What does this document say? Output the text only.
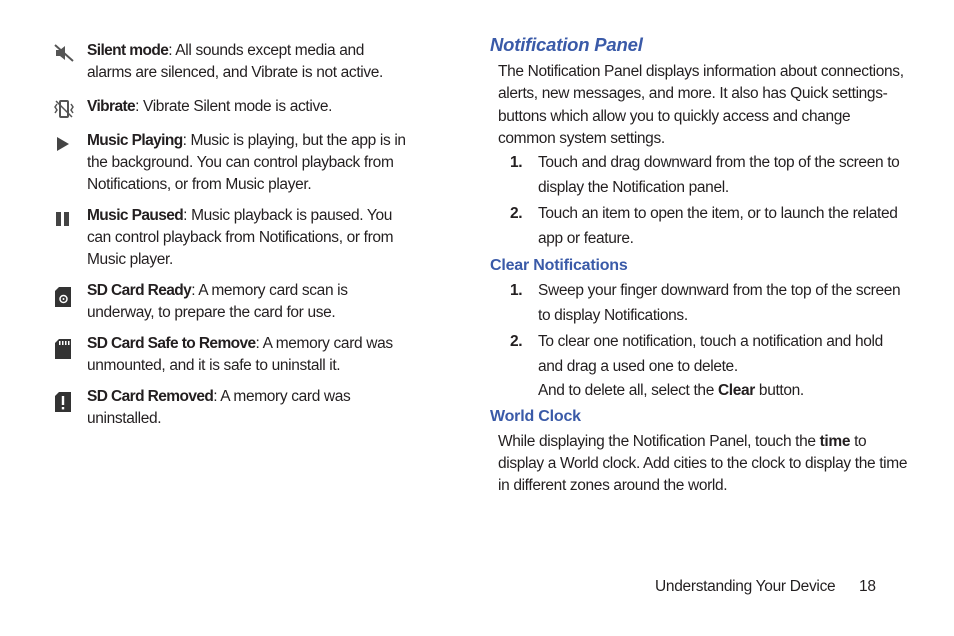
Silent mode: All sounds except media and alarms are silenced, and Vibrate is not active.
Vibrate: Vibrate Silent mode is active.
Music Playing: Music is playing, but the app is in the background. You can control playback from Notifications, or from Music player.
Music Paused: Music playback is paused. You can control playback from Notifications, or from Music player.
SD Card Ready: A memory card scan is underway, to prepare the card for use.
SD Card Safe to Remove: A memory card was unmounted, and it is safe to uninstall it.
SD Card Removed: A memory card was uninstalled.
Notification Panel

The Notification Panel displays information about connections, alerts, new messages, and more. It also has Quick settings-buttons which allow you to quickly access and change common system settings.

1. Touch and drag downward from the top of the screen to display the Notification panel.
2. Touch an item to open the item, or to launch the related app or feature.
Clear Notifications
1. Sweep your finger downward from the top of the screen to display Notifications.
2. To clear one notification, touch a notification and hold and drag a used one to delete.
And to delete all, select the Clear button.
World Clock

While displaying the Notification Panel, touch the time to display a World clock. Add cities to the clock to display the time in different zones around the world.

Understanding Your Device 18
